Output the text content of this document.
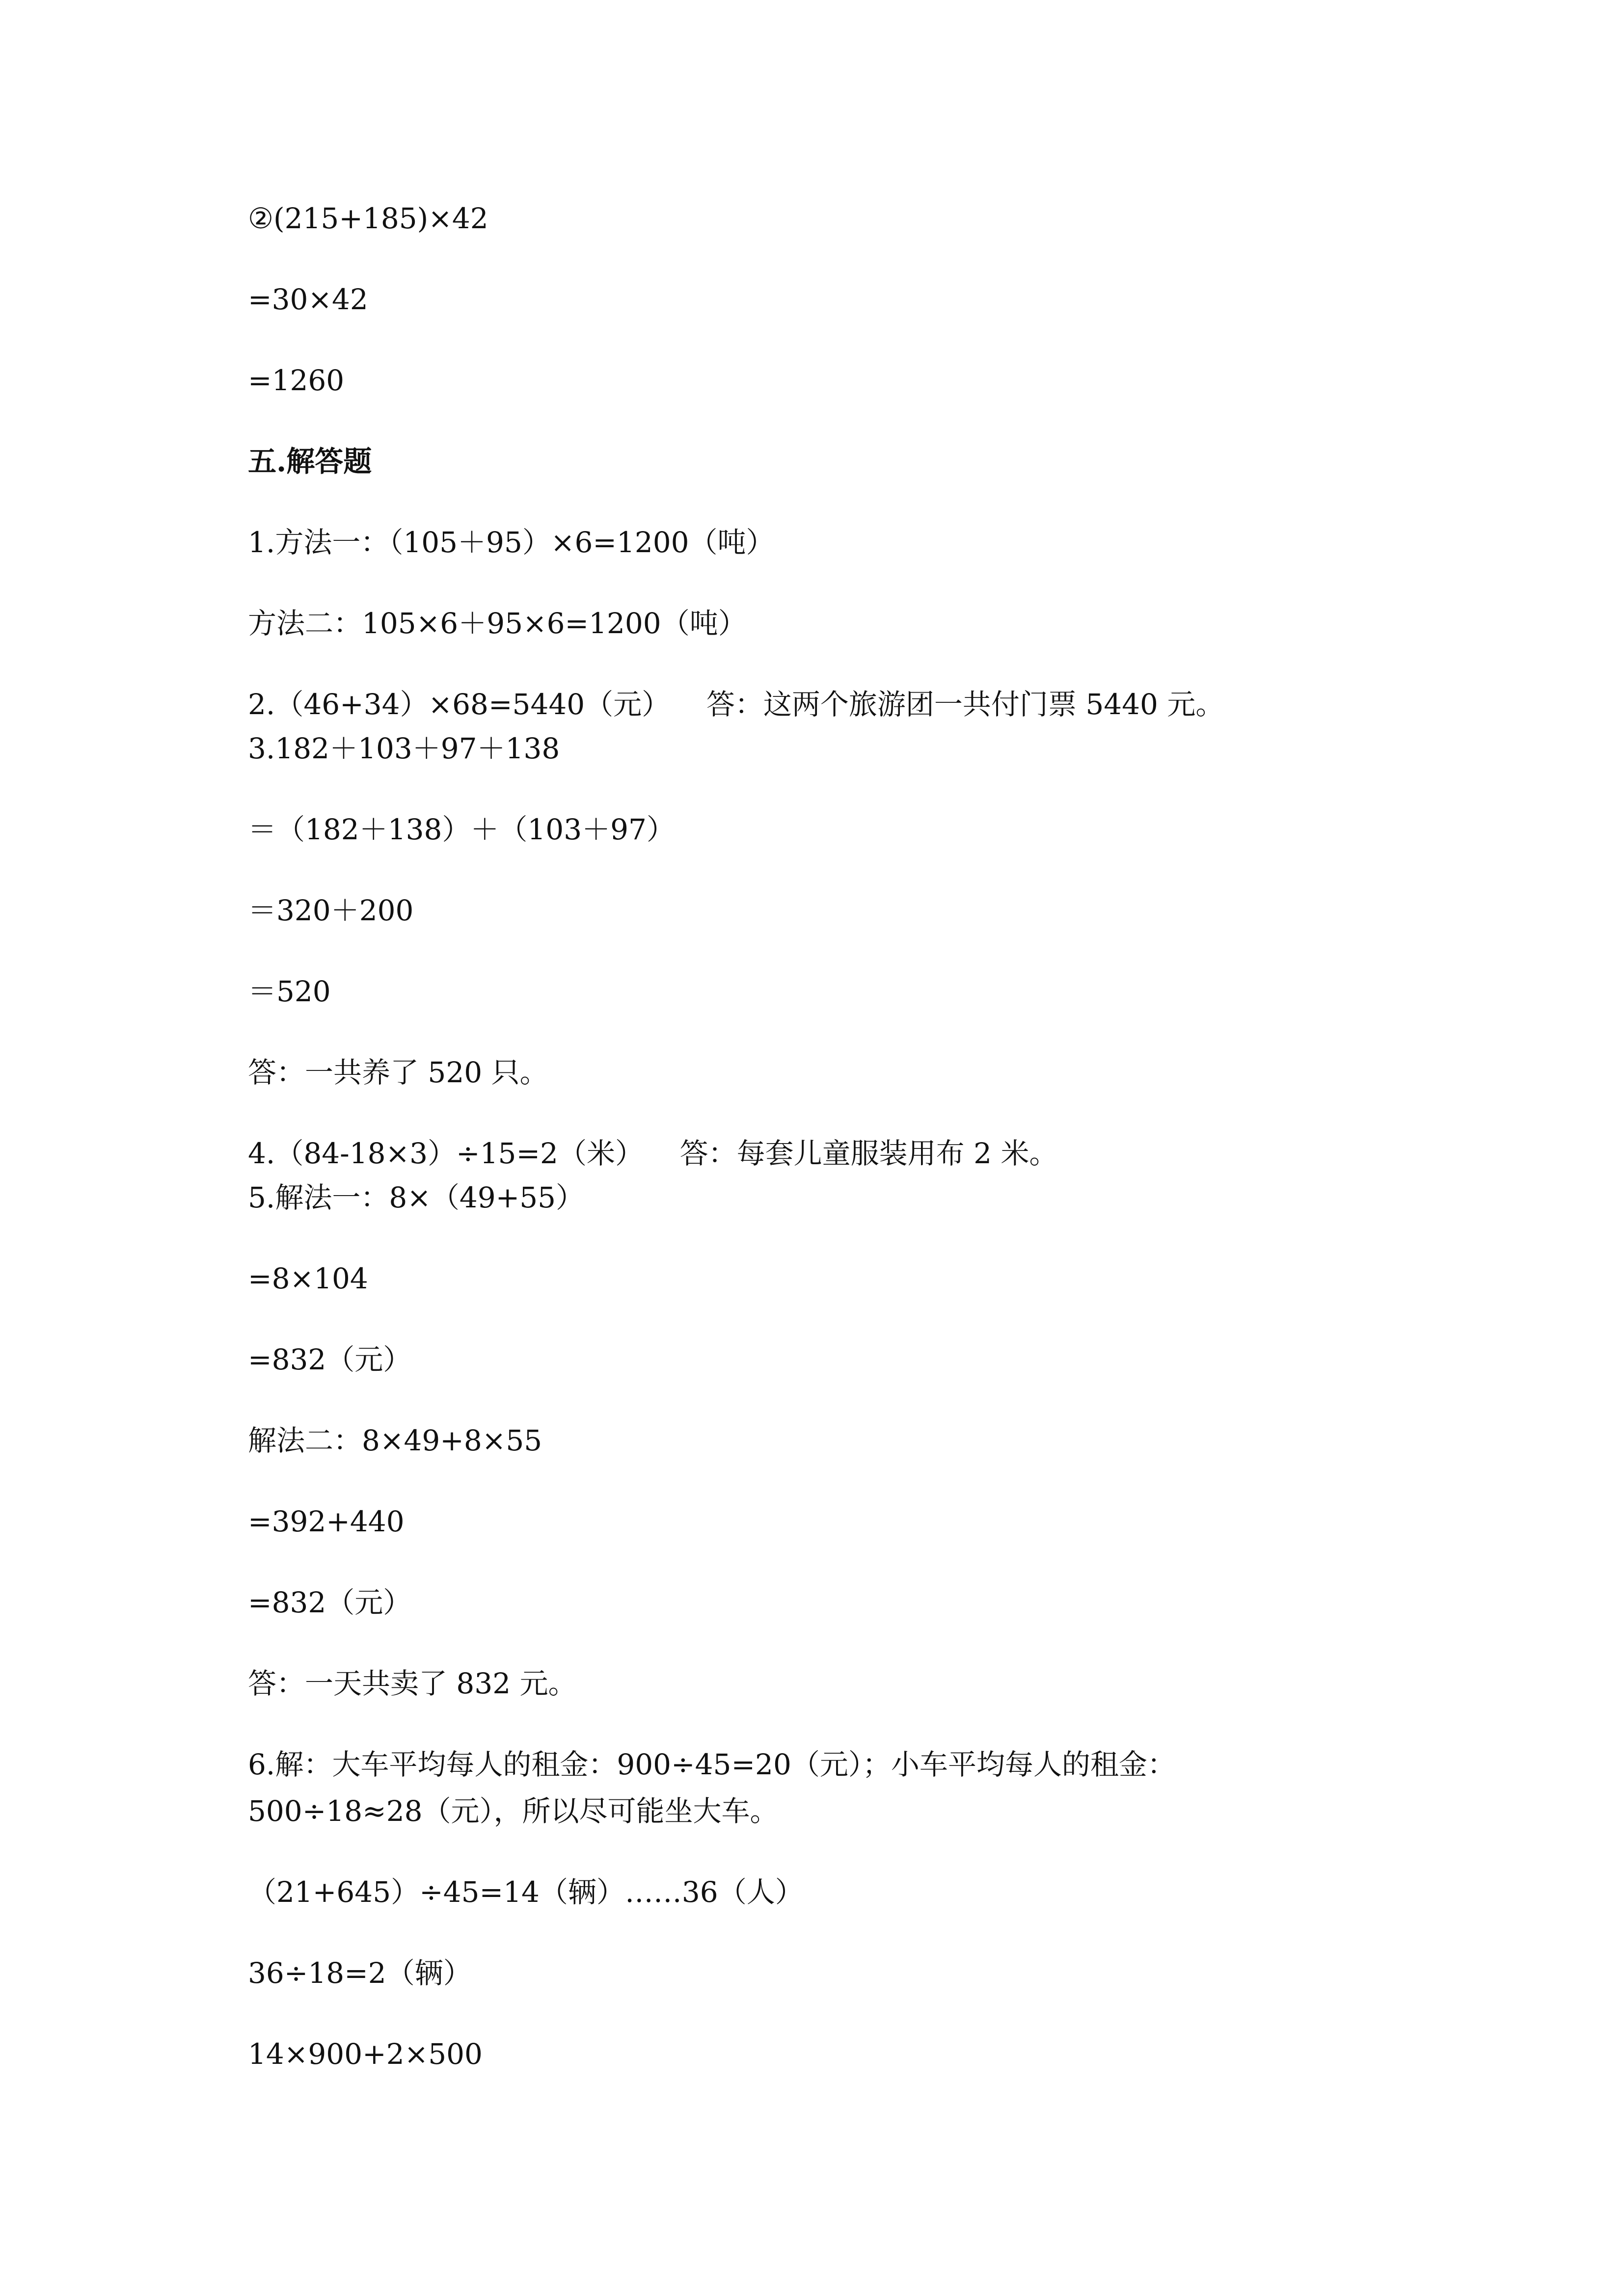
②(215+185)×42

=30×42

=1260

五.解答题

1.方法一：（105＋95）×6=1200（吨）

方法二：105×6＋95×6=1200（吨）

2.（46+34）×68=5440（元）    答：这两个旅游团一共付门票 5440 元。

3.182＋103＋97＋138

＝（182＋138）＋（103＋97）

＝320＋200

＝520

答：一共养了 520 只。

4.（84-18×3）÷15=2（米）    答：每套儿童服装用布 2 米。

5.解法一：8×（49+55）

=8×104

=832（元）

解法二：8×49+8×55

=392+440

=832（元）

答：一天共卖了 832 元。

6.解：大车平均每人的租金：900÷45=20（元）；小车平均每人的租金：

500÷18≈28（元），所以尽可能坐大车。

（21+645）÷45=14（辆）……36（人）

36÷18=2（辆）

14×900+2×500
